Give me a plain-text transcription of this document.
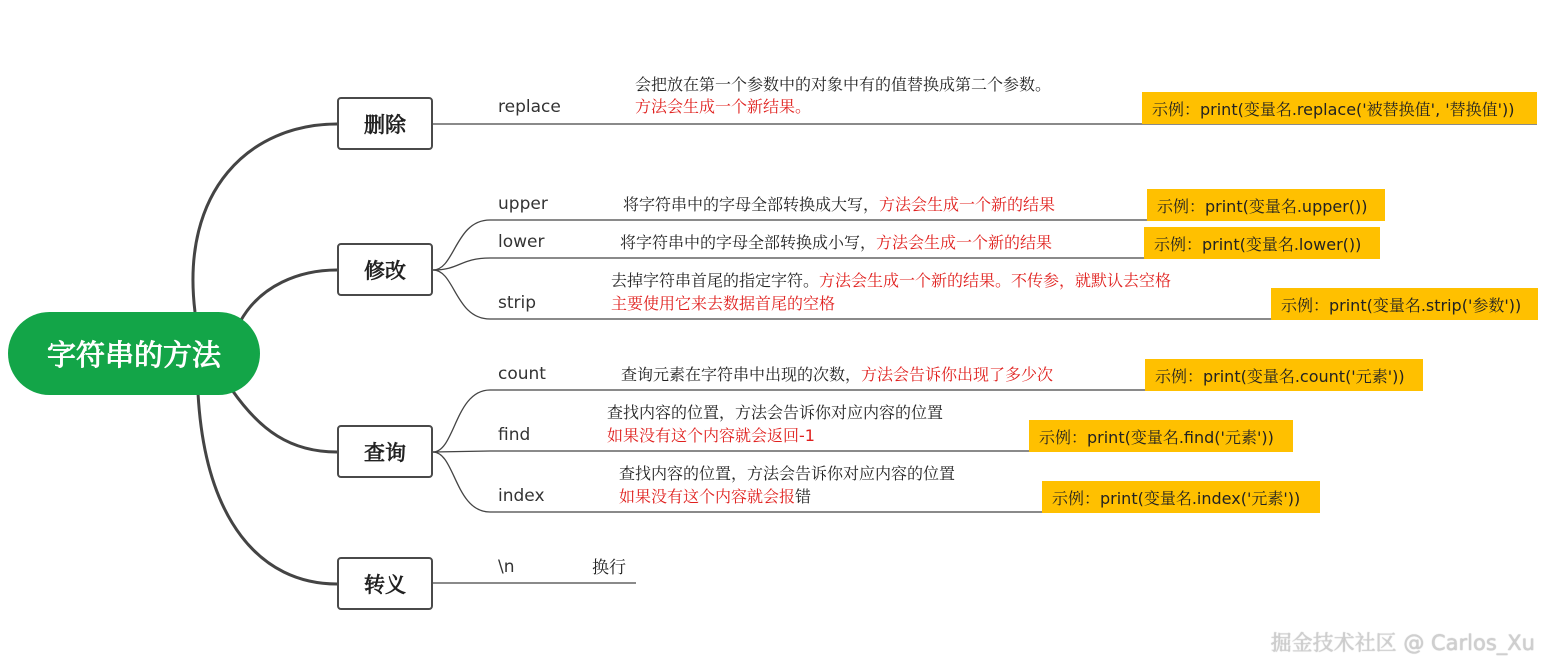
字符串的方法
删除
修改
查询
转义
replace
会把放在第一个参数中的对象中有的值替换成第二个参数。
方法会生成一个新结果。	示例：print(变量名.replace('被替换值', '替换值'))
upper	将字符串中的字母全部转换成大写，方法会生成一个新的结果	示例：print(变量名.upper())
lower	将字符串中的字母全部转换成小写，方法会生成一个新的结果	示例：print(变量名.lower())
strip
去掉字符串首尾的指定字符。方法会生成一个新的结果。不传参，就默认去空格
主要使用它来去数据首尾的空格	示例：print(变量名.strip('参数'))
count	查询元素在字符串中出现的次数，方法会告诉你出现了多少次	示例：print(变量名.count('元素'))
find
查找内容的位置，方法会告诉你对应内容的位置
如果没有这个内容就会返回-1	示例：print(变量名.find('元素'))
index
查找内容的位置，方法会告诉你对应内容的位置
如果没有这个内容就会报错	示例：print(变量名.index('元素'))
\n	换行
掘金技术社区 @ Carlos_Xu
